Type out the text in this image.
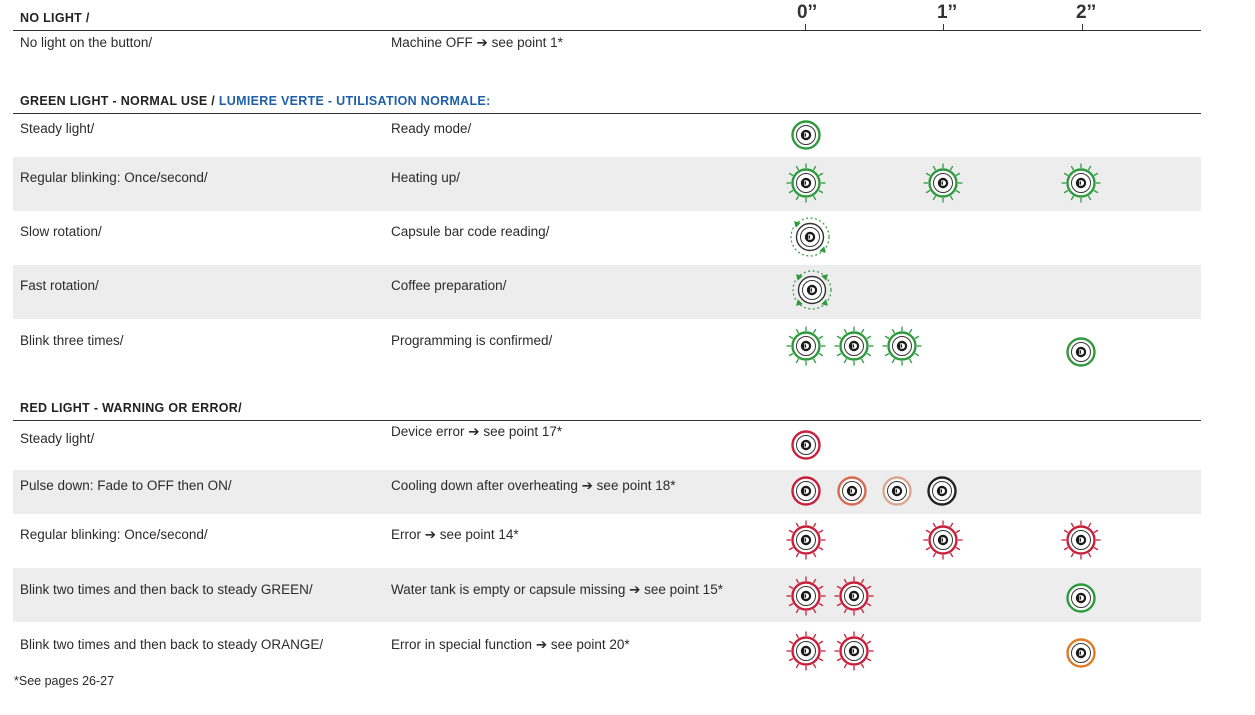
0ˮ	1ˮ	2ˮ
NO LIGHT /
No light on the button/	Machine OFF ➔ see point 1*
GREEN LIGHT - NORMAL USE / LUMIERE VERTE - UTILISATION NORMALE:
Steady light/	Ready mode/
Regular blinking: Once/second/	Heating up/
Slow rotation/	Capsule bar code reading/
Fast rotation/	Coffee preparation/
Blink three times/	Programming is confirmed/
RED LIGHT - WARNING OR ERROR/
Steady light/	Device error ➔ see point 17*
Pulse down: Fade to OFF then ON/	Cooling down after overheating ➔ see point 18*
Regular blinking: Once/second/	Error ➔ see point 14*
Blink two times and then back to steady GREEN/	Water tank is empty or capsule missing ➔ see point 15*
Blink two times and then back to steady ORANGE/	Error in special function ➔ see point 20*
*See pages 26-27
